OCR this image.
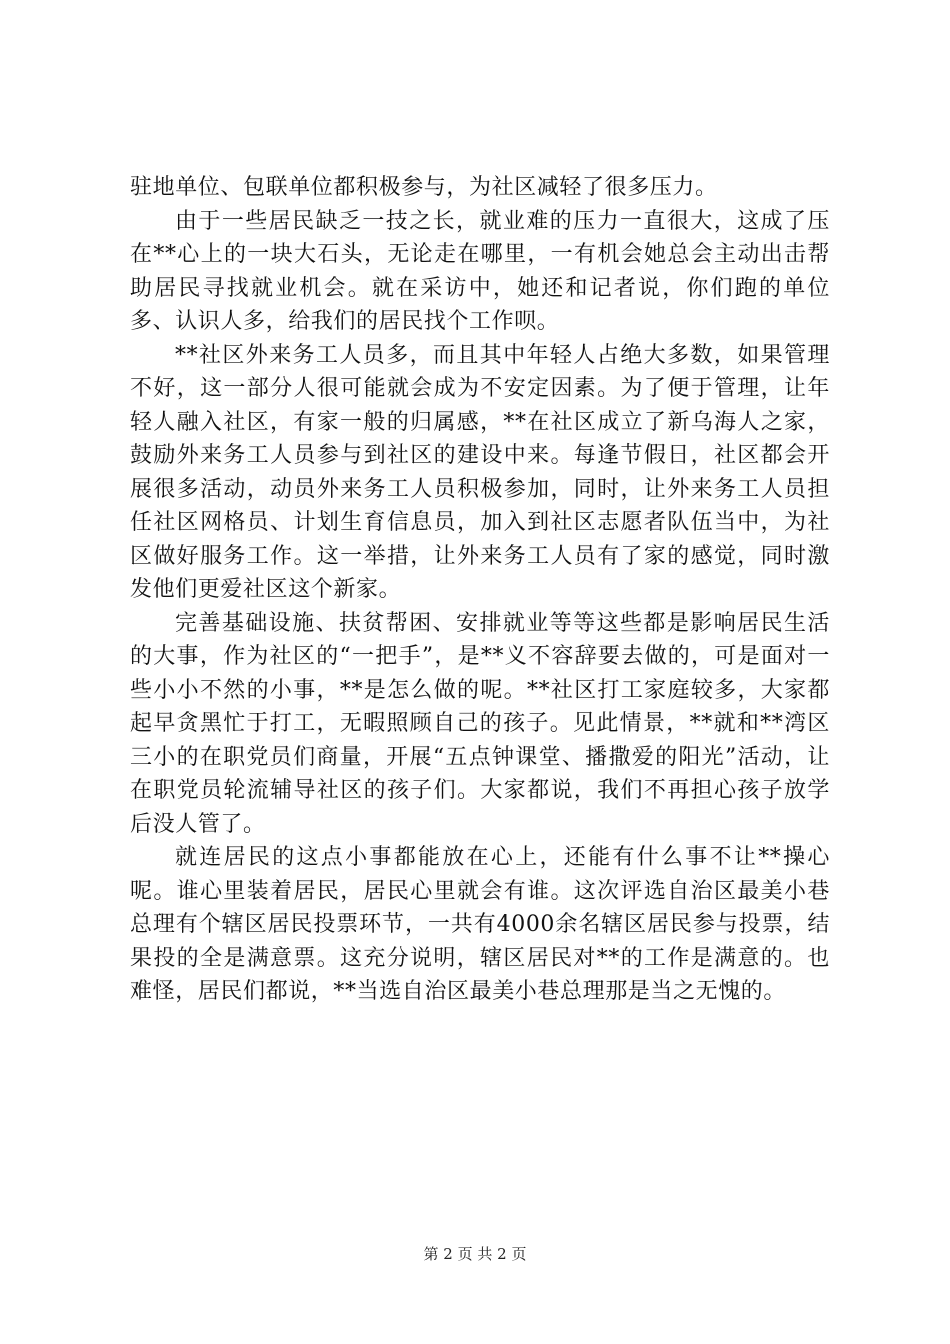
驻地单位、包联单位都积极参与，为社区减轻了很多压力。

由于一些居民缺乏一技之长，就业难的压力一直很大，这成了压在**心上的一块大石头，无论走在哪里，一有机会她总会主动出击帮助居民寻找就业机会。就在采访中，她还和记者说，你们跑的单位多、认识人多，给我们的居民找个工作呗。

**社区外来务工人员多，而且其中年轻人占绝大多数，如果管理不好，这一部分人很可能就会成为不安定因素。为了便于管理，让年轻人融入社区，有家一般的归属感，**在社区成立了新乌海人之家，鼓励外来务工人员参与到社区的建设中来。每逢节假日，社区都会开展很多活动，动员外来务工人员积极参加，同时，让外来务工人员担任社区网格员、计划生育信息员，加入到社区志愿者队伍当中，为社区做好服务工作。这一举措，让外来务工人员有了家的感觉，同时激发他们更爱社区这个新家。

完善基础设施、扶贫帮困、安排就业等等这些都是影响居民生活的大事，作为社区的“一把手”，是**义不容辞要去做的，可是面对一些小小不然的小事，**是怎么做的呢。**社区打工家庭较多，大家都起早贪黑忙于打工，无暇照顾自己的孩子。见此情景，**就和**湾区三小的在职党员们商量，开展“五点钟课堂、播撒爱的阳光”活动，让在职党员轮流辅导社区的孩子们。大家都说，我们不再担心孩子放学后没人管了。

就连居民的这点小事都能放在心上，还能有什么事不让**操心呢。谁心里装着居民，居民心里就会有谁。这次评选自治区最美小巷总理有个辖区居民投票环节，一共有4000余名辖区居民参与投票，结果投的全是满意票。这充分说明，辖区居民对**的工作是满意的。也难怪，居民们都说，**当选自治区最美小巷总理那是当之无愧的。

第 2 页 共 2 页
